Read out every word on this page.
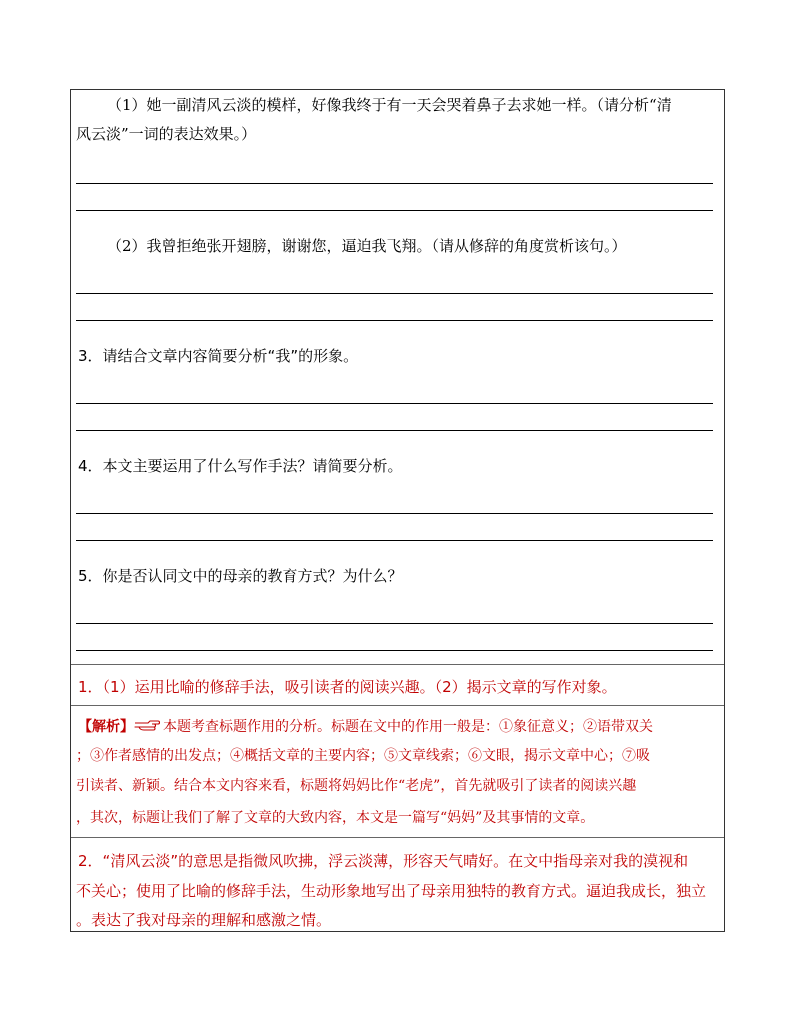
（1）她一副清风云淡的模样，好像我终于有一天会哭着鼻子去求她一样。（请分析“清
风云淡”一词的表达效果。）
（2）我曾拒绝张开翅膀，谢谢您，逼迫我飞翔。（请从修辞的角度赏析该句。）
3．请结合文章内容简要分析“我”的形象。
4．本文主要运用了什么写作手法？请简要分析。
5．你是否认同文中的母亲的教育方式？为什么？
1．（1）运用比喻的修辞手法，吸引读者的阅读兴趣。（2）揭示文章的写作对象。
【解析】 本题考查标题作用的分析。标题在文中的作用一般是：①象征意义；②语带双关
；③作者感情的出发点；④概括文章的主要内容；⑤文章线索；⑥文眼，揭示文章中心；⑦吸
引读者、新颖。结合本文内容来看，标题将妈妈比作“老虎”，首先就吸引了读者的阅读兴趣
，其次，标题让我们了解了文章的大致内容，本文是一篇写“妈妈”及其事情的文章。
2．“清风云淡”的意思是指微风吹拂，浮云淡薄，形容天气晴好。在文中指母亲对我的漠视和
不关心；使用了比喻的修辞手法，生动形象地写出了母亲用独特的教育方式。逼迫我成长，独立
。表达了我对母亲的理解和感激之情。
